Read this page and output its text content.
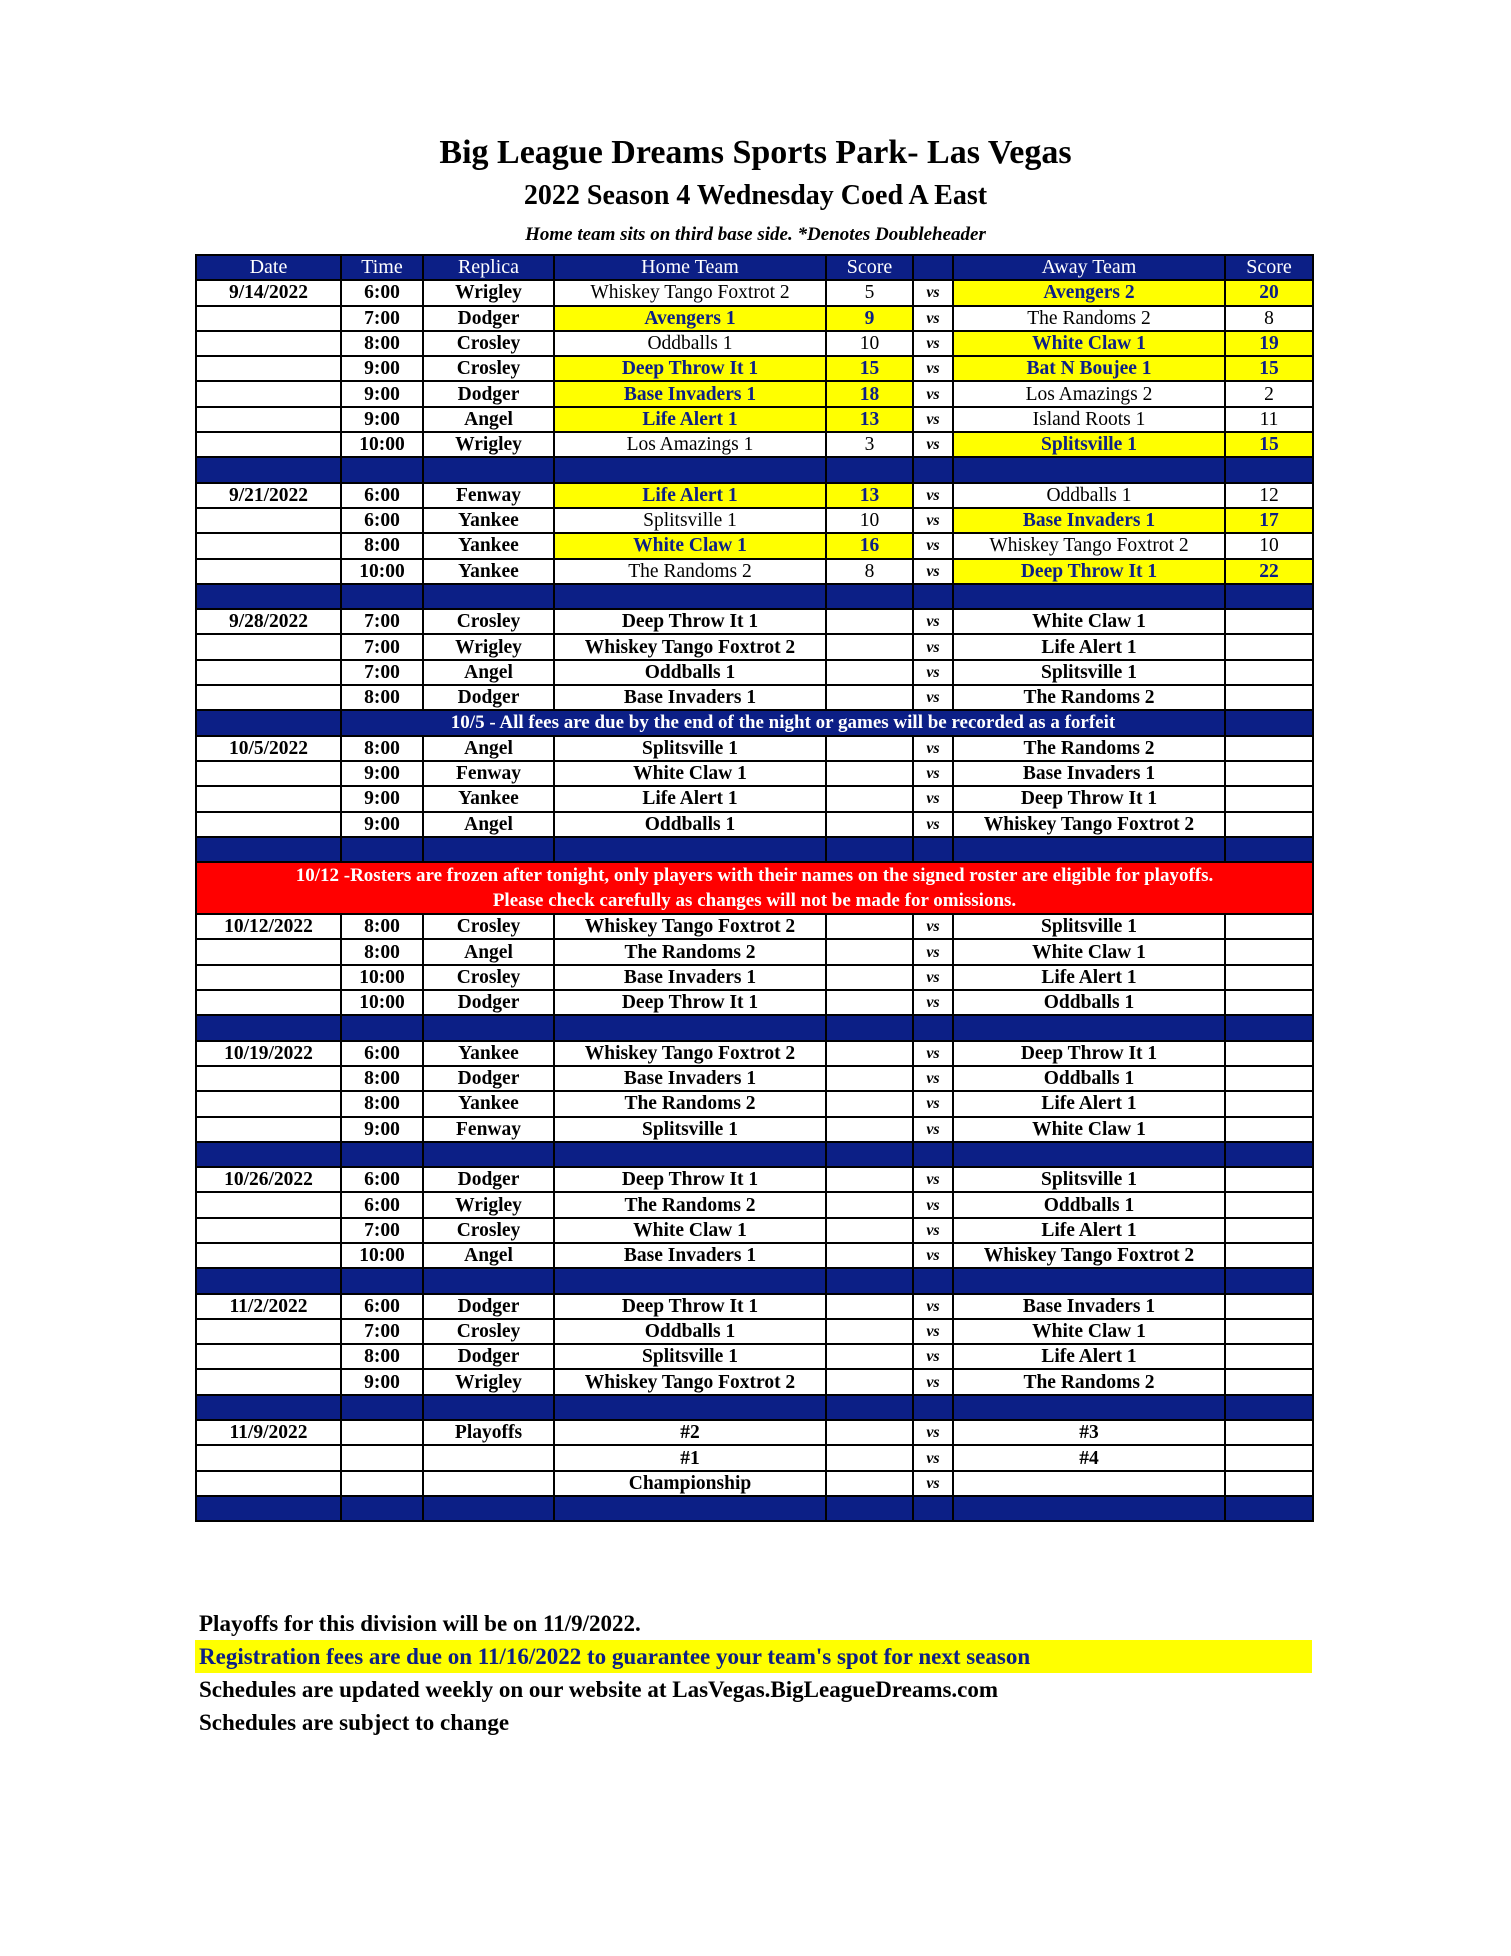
Big League Dreams Sports Park- Las Vegas
2022 Season 4 Wednesday Coed A East
Home team sits on third base side. *Denotes Doubleheader
Date	Time	Replica	Home Team	Score		Away Team	Score
9/14/2022	6:00	Wrigley	Whiskey Tango Foxtrot 2	5	vs	Avengers 2	20
	7:00	Dodger	Avengers 1	9	vs	The Randoms 2	8
	8:00	Crosley	Oddballs 1	10	vs	White Claw 1	19
	9:00	Crosley	Deep Throw It 1	15	vs	Bat N Boujee 1	15
	9:00	Dodger	Base Invaders 1	18	vs	Los Amazings 2	2
	9:00	Angel	Life Alert 1	13	vs	Island Roots 1	11
	10:00	Wrigley	Los Amazings 1	3	vs	Splitsville 1	15

9/21/2022	6:00	Fenway	Life Alert 1	13	vs	Oddballs 1	12
	6:00	Yankee	Splitsville 1	10	vs	Base Invaders 1	17
	8:00	Yankee	White Claw 1	16	vs	Whiskey Tango Foxtrot 2	10
	10:00	Yankee	The Randoms 2	8	vs	Deep Throw It 1	22

9/28/2022	7:00	Crosley	Deep Throw It 1		vs	White Claw 1	
	7:00	Wrigley	Whiskey Tango Foxtrot 2		vs	Life Alert 1	
	7:00	Angel	Oddballs 1		vs	Splitsville 1	
	8:00	Dodger	Base Invaders 1		vs	The Randoms 2	
	10/5 - All fees are due by the end of the night or games will be recorded as a forfeit						
10/5/2022	8:00	Angel	Splitsville 1		vs	The Randoms 2	
	9:00	Fenway	White Claw 1		vs	Base Invaders 1	
	9:00	Yankee	Life Alert 1		vs	Deep Throw It 1	
	9:00	Angel	Oddballs 1		vs	Whiskey Tango Foxtrot 2	

10/12 -Rosters are frozen after tonight, only players with their names on the signed roster are eligible for playoffs.
Please check carefully as changes will not be made for omissions.							

10/12/2022	8:00	Crosley	Whiskey Tango Foxtrot 2		vs	Splitsville 1	
	8:00	Angel	The Randoms 2		vs	White Claw 1	
	10:00	Crosley	Base Invaders 1		vs	Life Alert 1	
	10:00	Dodger	Deep Throw It 1		vs	Oddballs 1	

10/19/2022	6:00	Yankee	Whiskey Tango Foxtrot 2		vs	Deep Throw It 1	
	8:00	Dodger	Base Invaders 1		vs	Oddballs 1	
	8:00	Yankee	The Randoms 2		vs	Life Alert 1	
	9:00	Fenway	Splitsville 1		vs	White Claw 1	

10/26/2022	6:00	Dodger	Deep Throw It 1		vs	Splitsville 1	
	6:00	Wrigley	The Randoms 2		vs	Oddballs 1	
	7:00	Crosley	White Claw 1		vs	Life Alert 1	
	10:00	Angel	Base Invaders 1		vs	Whiskey Tango Foxtrot 2	

11/2/2022	6:00	Dodger	Deep Throw It 1		vs	Base Invaders 1	
	7:00	Crosley	Oddballs 1		vs	White Claw 1	
	8:00	Dodger	Splitsville 1		vs	Life Alert 1	
	9:00	Wrigley	Whiskey Tango Foxtrot 2		vs	The Randoms 2	

11/9/2022		Playoffs	#2		vs	#3	
			#1		vs	#4	
			Championship		vs		

Playoffs for this division will be on 11/9/2022.
Registration fees are due on 11/16/2022 to guarantee your team's spot for next season
Schedules are updated weekly on our website at LasVegas.BigLeagueDreams.com
Schedules are subject to change
